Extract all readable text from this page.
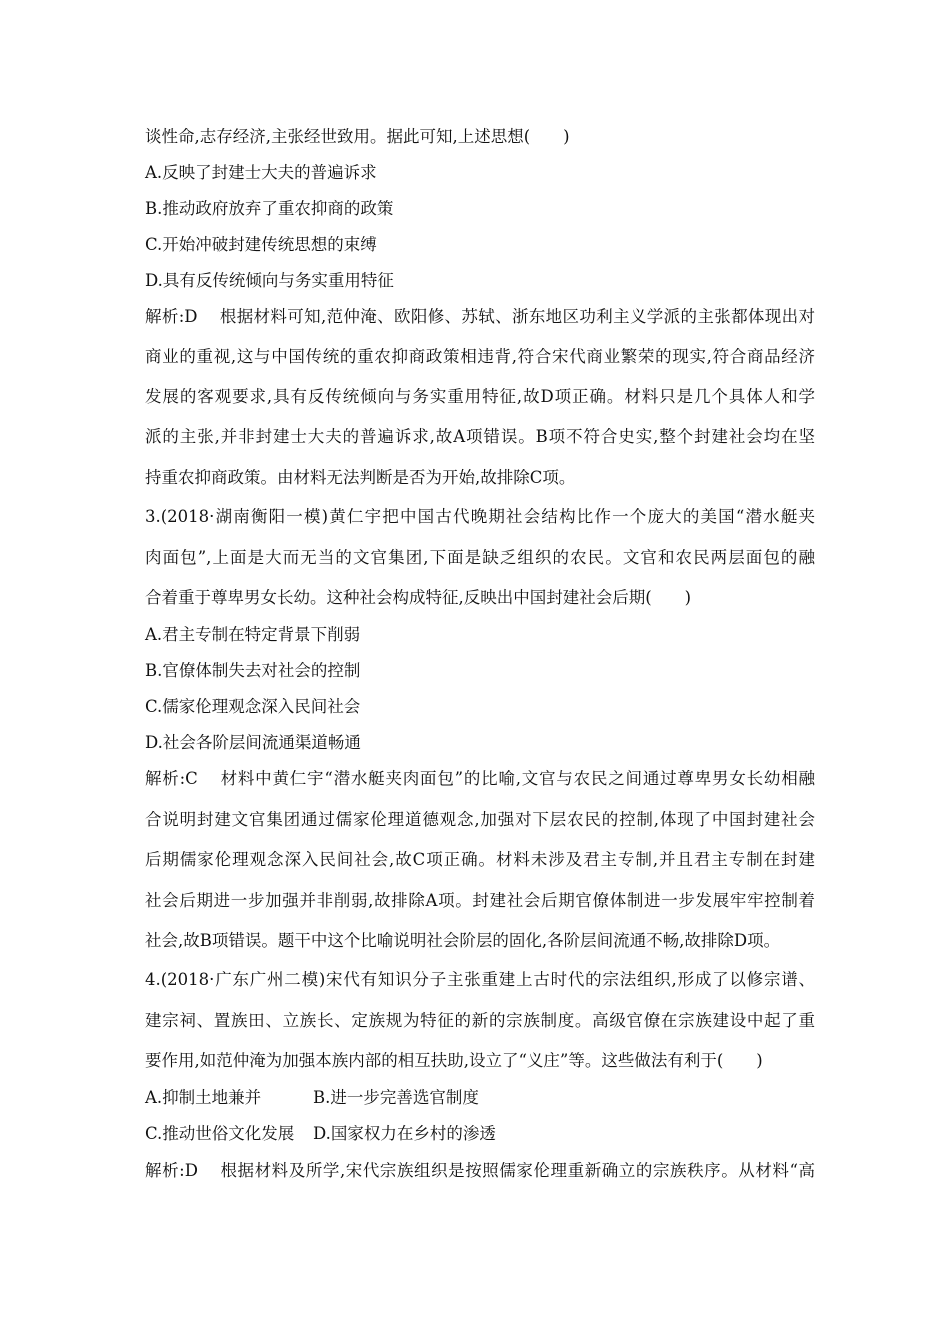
谈性命,志存经济,主张经世致用。据此可知,上述思想(　　)
A.反映了封建士大夫的普遍诉求
B.推动政府放弃了重农抑商的政策
C.开始冲破封建传统思想的束缚
D.具有反传统倾向与务实重用特征
解析:D 根据材料可知,范仲淹、欧阳修、苏轼、浙东地区功利主义学派的主张都体现出对
商业的重视,这与中国传统的重农抑商政策相违背,符合宋代商业繁荣的现实,符合商品经济
发展的客观要求,具有反传统倾向与务实重用特征,故D项正确。材料只是几个具体人和学
派的主张,并非封建士大夫的普遍诉求,故A项错误。B项不符合史实,整个封建社会均在坚
持重农抑商政策。由材料无法判断是否为开始,故排除C项。
3.(2018·湖南衡阳一模)黄仁宇把中国古代晚期社会结构比作一个庞大的美国“潜水艇夹
肉面包”,上面是大而无当的文官集团,下面是缺乏组织的农民。文官和农民两层面包的融
合着重于尊卑男女长幼。这种社会构成特征,反映出中国封建社会后期(　　)
A.君主专制在特定背景下削弱
B.官僚体制失去对社会的控制
C.儒家伦理观念深入民间社会
D.社会各阶层间流通渠道畅通
解析:C 材料中黄仁宇“潜水艇夹肉面包”的比喻,文官与农民之间通过尊卑男女长幼相融
合说明封建文官集团通过儒家伦理道德观念,加强对下层农民的控制,体现了中国封建社会
后期儒家伦理观念深入民间社会,故C项正确。材料未涉及君主专制,并且君主专制在封建
社会后期进一步加强并非削弱,故排除A项。封建社会后期官僚体制进一步发展牢牢控制着
社会,故B项错误。题干中这个比喻说明社会阶层的固化,各阶层间流通不畅,故排除D项。
4.(2018·广东广州二模)宋代有知识分子主张重建上古时代的宗法组织,形成了以修宗谱、
建宗祠、置族田、立族长、定族规为特征的新的宗族制度。高级官僚在宗族建设中起了重
要作用,如范仲淹为加强本族内部的相互扶助,设立了“义庄”等。这些做法有利于(　　)
A.抑制土地兼并	B.进一步完善选官制度
C.推动世俗文化发展 D.国家权力在乡村的渗透
解析:D 根据材料及所学,宋代宗族组织是按照儒家伦理重新确立的宗族秩序。从材料“高
